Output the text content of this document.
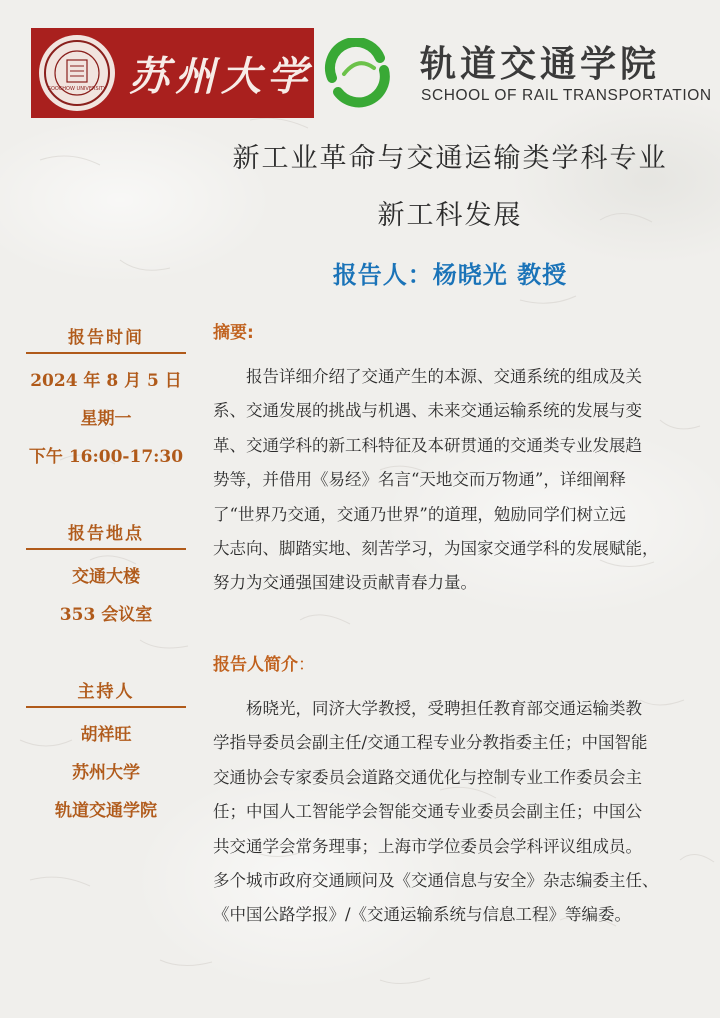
SOOCHOW UNIVERSITY 苏州大学	轨道交通学院
SCHOOL OF RAIL TRANSPORTATION
新工业革命与交通运输类学科专业
新工科发展
报告人：杨晓光 教授
报告时间
2024 年 8 月 5 日
星期一
下午 16:00-17:30
报告地点
交通大楼
353 会议室
主持人
胡祥旺
苏州大学
轨道交通学院
摘要:
报告详细介绍了交通产生的本源、交通系统的组成及关
系、交通发展的挑战与机遇、未来交通运输系统的发展与变
革、交通学科的新工科特征及本研贯通的交通类专业发展趋
势等，并借用《易经》名言“天地交而万物通”，详细阐释
了“世界乃交通，交通乃世界”的道理，勉励同学们树立远
大志向、脚踏实地、刻苦学习，为国家交通学科的发展赋能，
努力为交通强国建设贡献青春力量。
报告人简介：
杨晓光，同济大学教授，受聘担任教育部交通运输类教
学指导委员会副主任/交通工程专业分教指委主任；中国智能
交通协会专家委员会道路交通优化与控制专业工作委员会主
任；中国人工智能学会智能交通专业委员会副主任；中国公
共交通学会常务理事；上海市学位委员会学科评议组成员。
多个城市政府交通顾问及《交通信息与安全》杂志编委主任、
《中国公路学报》/《交通运输系统与信息工程》等编委。
